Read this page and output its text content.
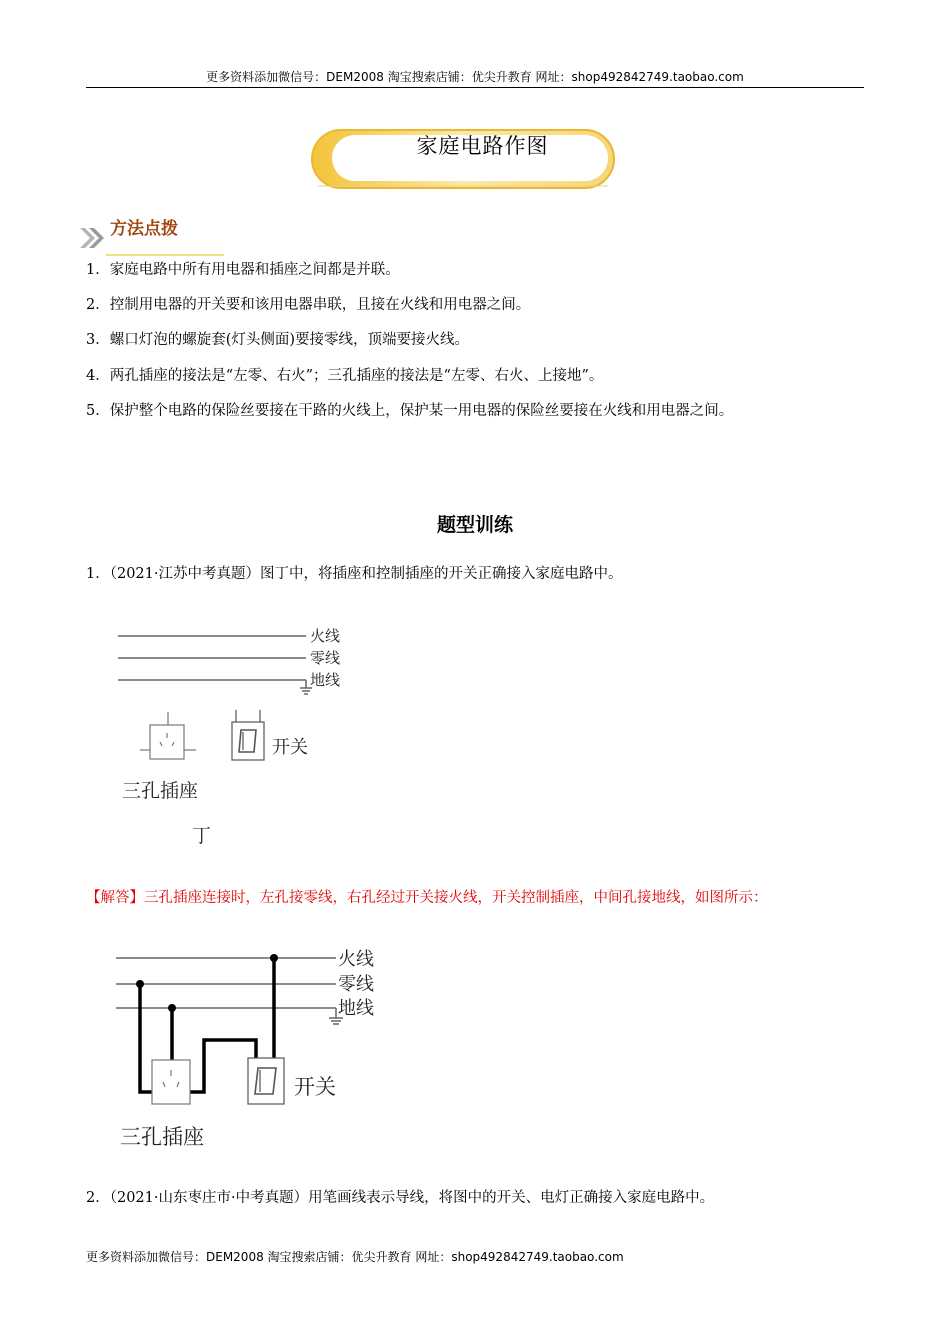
更多资料添加微信号：DEM2008 淘宝搜索店铺：优尖升教育 网址：shop492842749.taobao.com
家庭电路作图
方法点拨
1．家庭电路中所有用电器和插座之间都是并联。
2．控制用电器的开关要和该用电器串联，且接在火线和用电器之间。
3．螺口灯泡的螺旋套(灯头侧面)要接零线，顶端要接火线。
4．两孔插座的接法是“左零、右火”；三孔插座的接法是“左零、右火、上接地”。
5．保护整个电路的保险丝要接在干路的火线上，保护某一用电器的保险丝要接在火线和用电器之间。
题型训练
1．（2021·江苏中考真题）图丁中，将插座和控制插座的开关正确接入家庭电路中。
火线
零线
地线
开关
三孔插座
丁
【解答】三孔插座连接时，左孔接零线，右孔经过开关接火线，开关控制插座，中间孔接地线，如图所示：
火线
零线
地线
开关
三孔插座
2．（2021·山东枣庄市·中考真题）用笔画线表示导线，将图中的开关、电灯正确接入家庭电路中。
更多资料添加微信号：DEM2008 淘宝搜索店铺：优尖升教育 网址：shop492842749.taobao.com
